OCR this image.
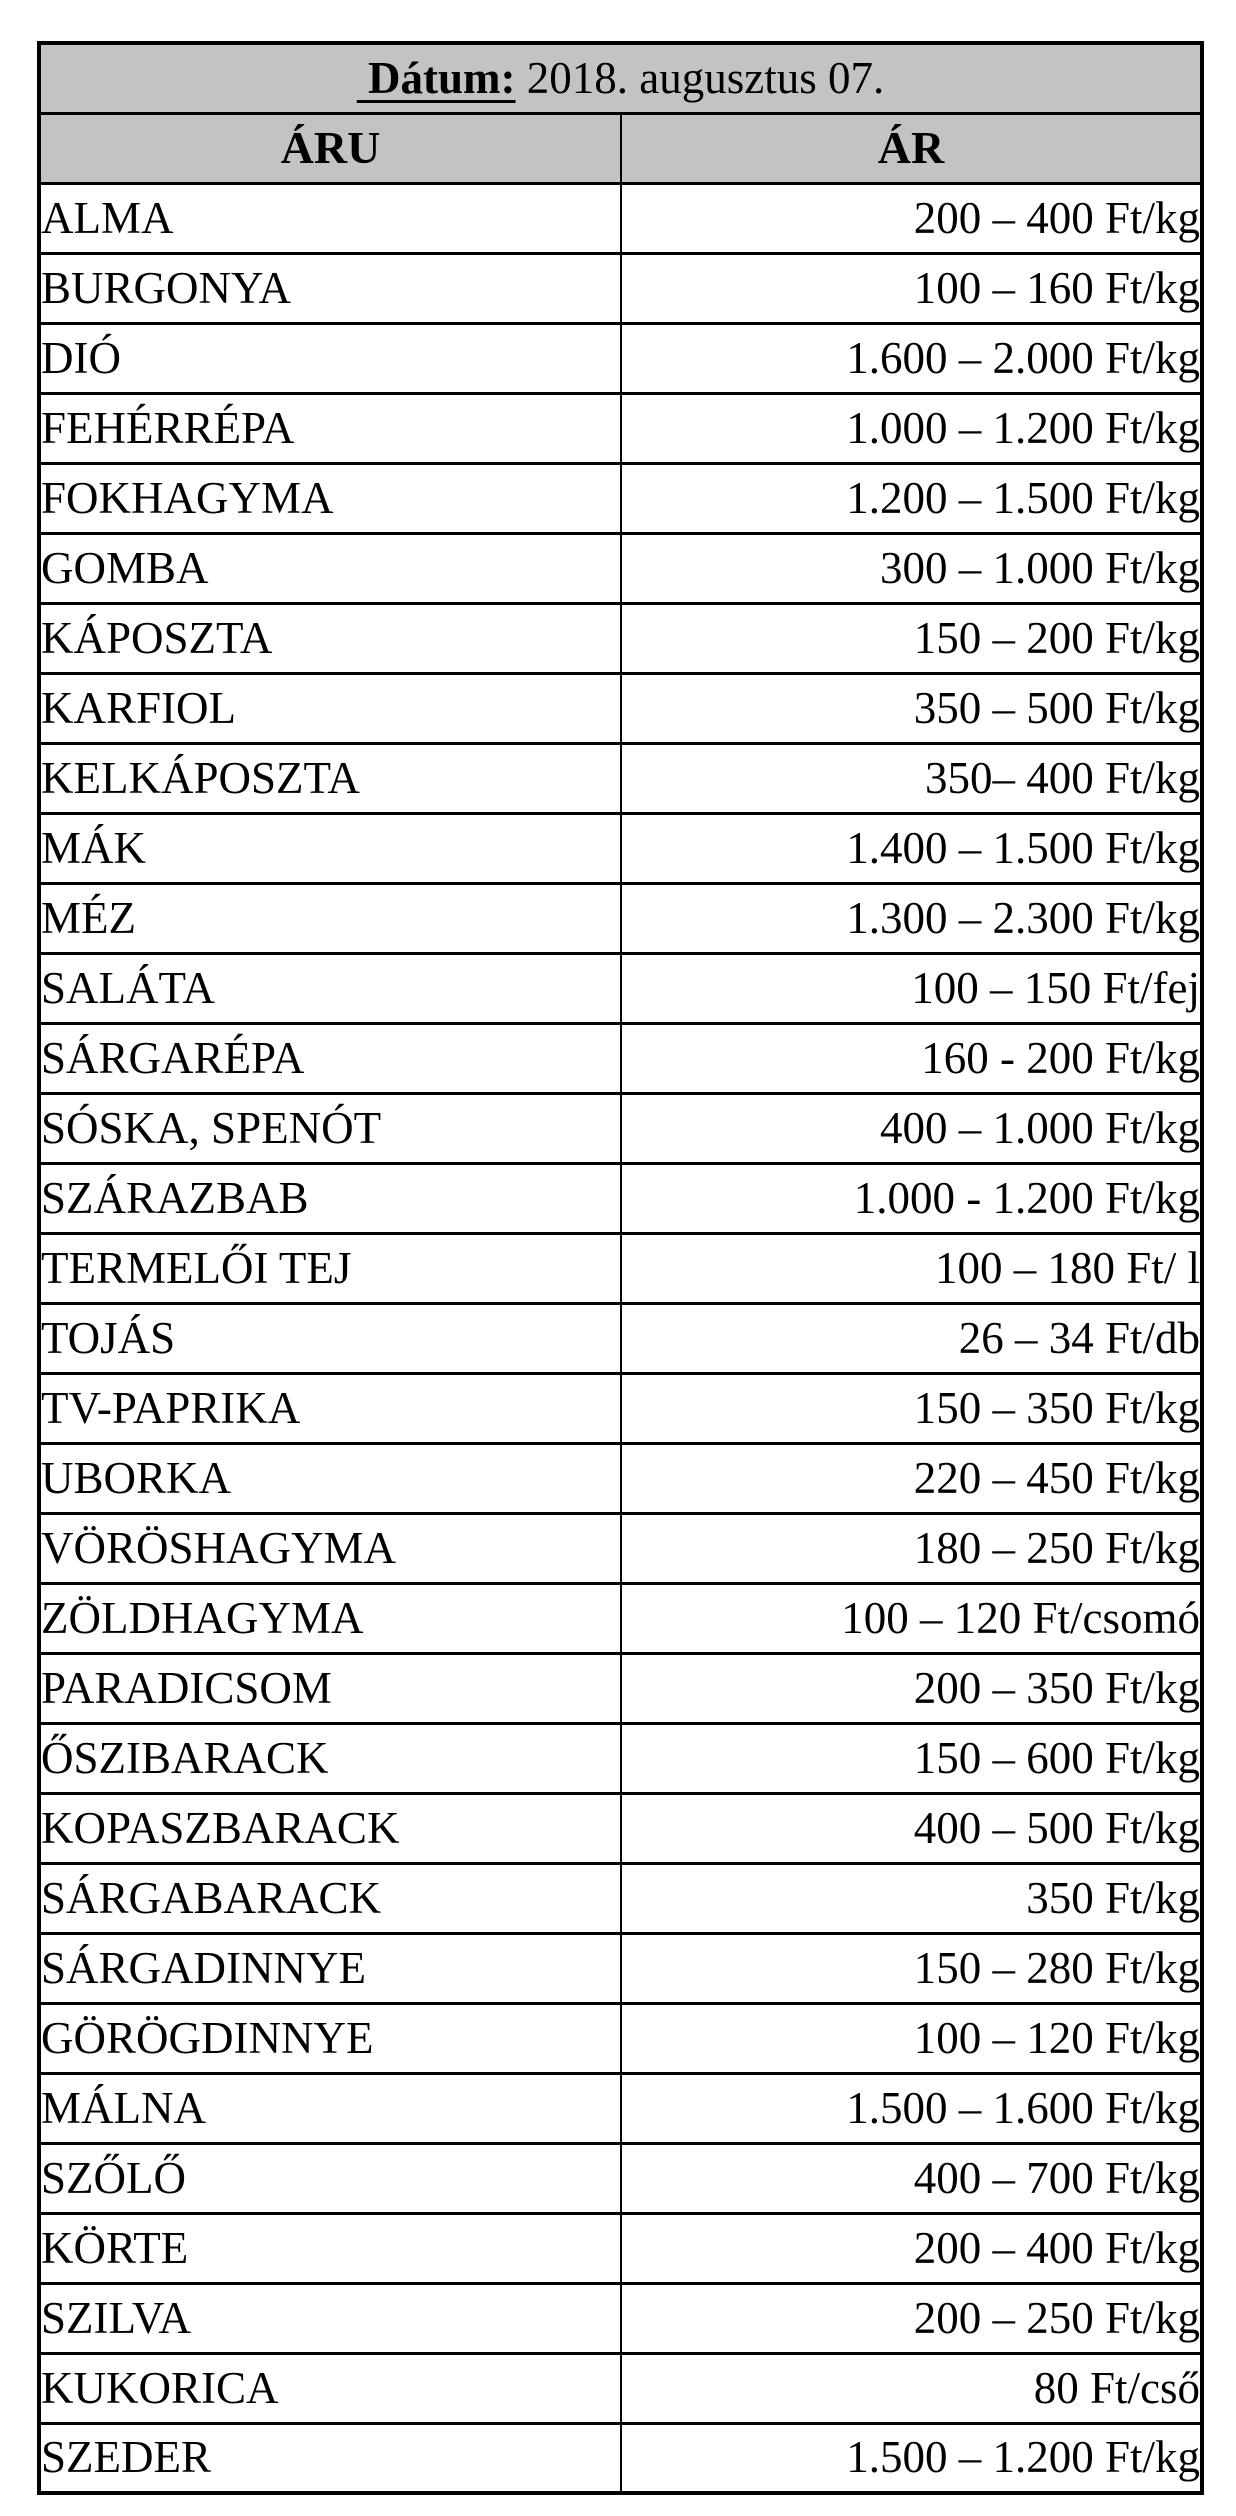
Dátum: 2018. augusztus 07.	
ÁRU	ÁR
ALMA	200 – 400 Ft/kg
BURGONYA	100 – 160 Ft/kg
DIÓ	1.600 – 2.000 Ft/kg
FEHÉRRÉPA	1.000 – 1.200 Ft/kg
FOKHAGYMA	1.200 – 1.500 Ft/kg
GOMBA	300 – 1.000 Ft/kg
KÁPOSZTA	150 – 200 Ft/kg
KARFIOL	350 – 500 Ft/kg
KELKÁPOSZTA	350– 400 Ft/kg
MÁK	1.400 – 1.500 Ft/kg
MÉZ	1.300 – 2.300 Ft/kg
SALÁTA	100 – 150 Ft/fej
SÁRGARÉPA	160 - 200 Ft/kg
SÓSKA, SPENÓT	400 – 1.000 Ft/kg
SZÁRAZBAB	1.000 - 1.200 Ft/kg
TERMELŐI TEJ	100 – 180 Ft/ l
TOJÁS	26 – 34 Ft/db
TV-PAPRIKA	150 – 350 Ft/kg
UBORKA	220 – 450 Ft/kg
VÖRÖSHAGYMA	180 – 250 Ft/kg
ZÖLDHAGYMA	100 – 120 Ft/csomó
PARADICSOM	200 – 350 Ft/kg
ŐSZIBARACK	150 – 600 Ft/kg
KOPASZBARACK	400 – 500 Ft/kg
SÁRGABARACK	350 Ft/kg
SÁRGADINNYE	150 – 280 Ft/kg
GÖRÖGDINNYE	100 – 120 Ft/kg
MÁLNA	1.500 – 1.600 Ft/kg
SZŐLŐ	400 – 700 Ft/kg
KÖRTE	200 – 400 Ft/kg
SZILVA	200 – 250 Ft/kg
KUKORICA	80 Ft/cső
SZEDER	1.500 – 1.200 Ft/kg
